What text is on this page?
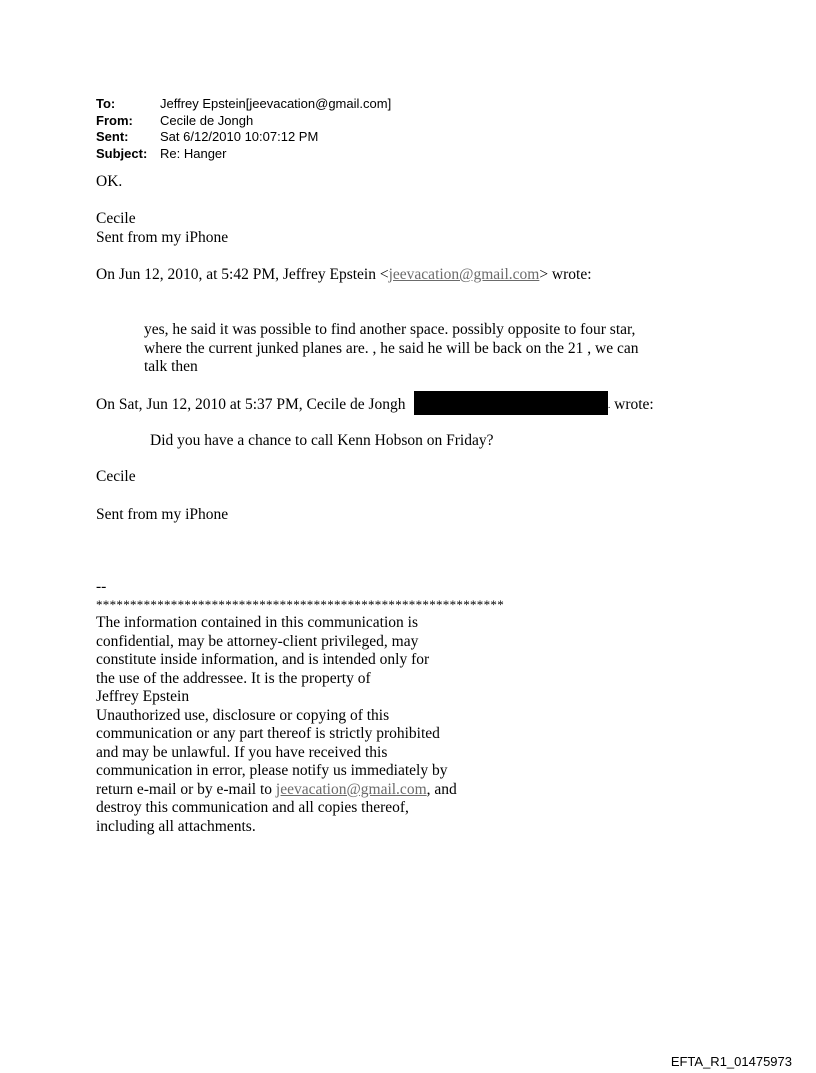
To:	Jeffrey Epstein[jeevacation@gmail.com]
From:	Cecile de Jongh
Sent:	Sat 6/12/2010 10:07:12 PM
Subject: Re: Hanger
OK.
Cecile
Sent from my iPhone
On Jun 12, 2010, at 5:42 PM, Jeffrey Epstein <jeevacation@gmail.com> wrote:
yes, he said it was possible to find another space. possibly opposite to four star,
where the current junked planes are. , he said he will be back on the 21 , we can
talk then
On Sat, Jun 12, 2010 at 5:37 PM, Cecile de Jongh	. wrote:
Did you have a chance to call Kenn Hobson on Friday?
Cecile
Sent from my iPhone
--
************************************************************
The information contained in this communication is
confidential, may be attorney-client privileged, may
constitute inside information, and is intended only for
the use of the addressee. It is the property of
Jeffrey Epstein
Unauthorized use, disclosure or copying of this
communication or any part thereof is strictly prohibited
and may be unlawful. If you have received this
communication in error, please notify us immediately by
return e-mail or by e-mail to jeevacation@gmail.com, and
destroy this communication and all copies thereof,
including all attachments.
EFTA_R1_01475973
